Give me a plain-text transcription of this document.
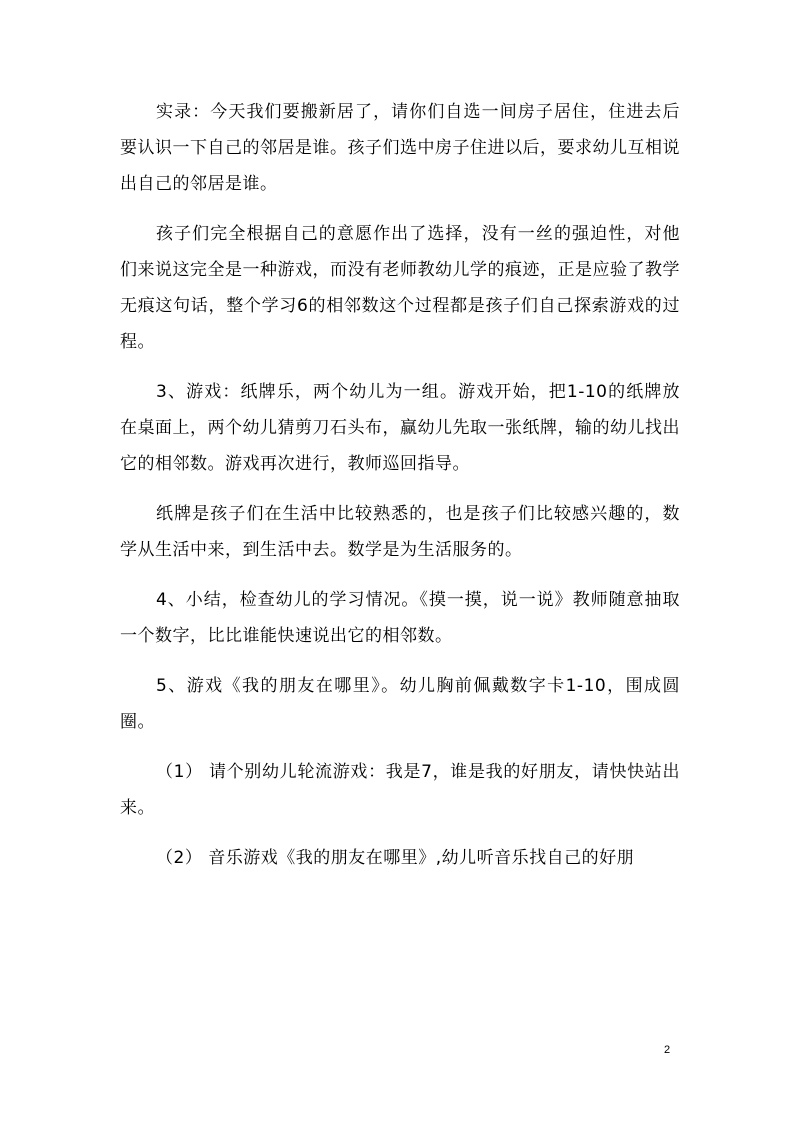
实录：今天我们要搬新居了，请你们自选一间房子居住，住进去后要认识一下自己的邻居是谁。孩子们选中房子住进以后，要求幼儿互相说出自己的邻居是谁。

孩子们完全根据自己的意愿作出了选择，没有一丝的强迫性，对他们来说这完全是一种游戏，而没有老师教幼儿学的痕迹，正是应验了教学无痕这句话，整个学习6的相邻数这个过程都是孩子们自己探索游戏的过程。

3、游戏：纸牌乐，两个幼儿为一组。游戏开始，把1-10的纸牌放在桌面上，两个幼儿猜剪刀石头布，赢幼儿先取一张纸牌，输的幼儿找出它的相邻数。游戏再次进行，教师巡回指导。

纸牌是孩子们在生活中比较熟悉的，也是孩子们比较感兴趣的，数学从生活中来，到生活中去。数学是为生活服务的。

4、小结，检查幼儿的学习情况。《摸一摸，说一说》教师随意抽取一个数字，比比谁能快速说出它的相邻数。

5、游戏《我的朋友在哪里》。幼儿胸前佩戴数字卡1-10，围成圆圈。

（1） 请个别幼儿轮流游戏：我是7，谁是我的好朋友，请快快站出来。

（2） 音乐游戏《我的朋友在哪里》,幼儿听音乐找自己的好朋

2
